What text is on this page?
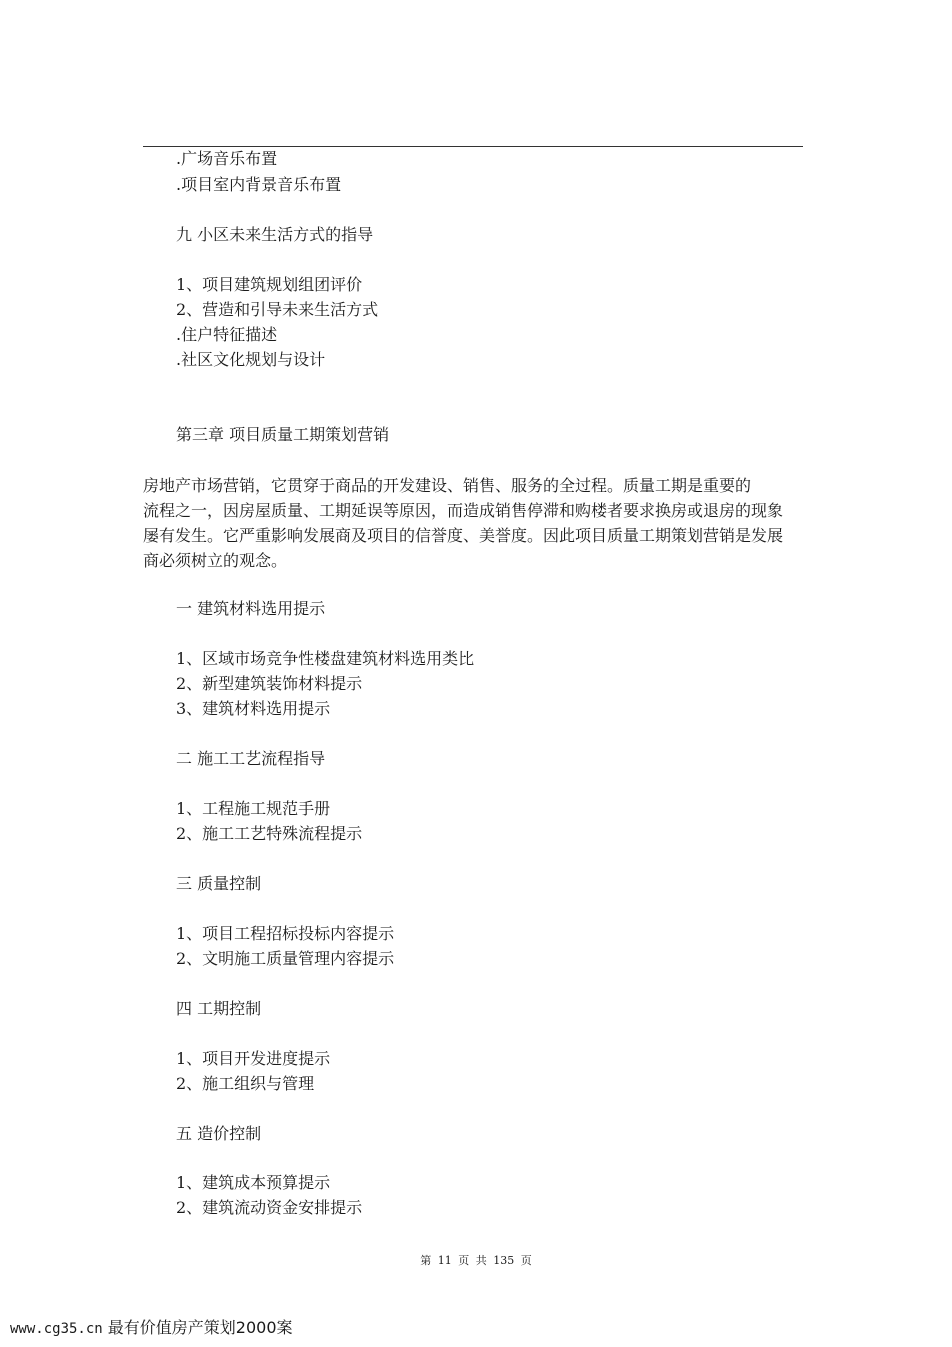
.广场音乐布置
.项目室内背景音乐布置
九 小区未来生活方式的指导
1、项目建筑规划组团评价
2、营造和引导未来生活方式
.住户特征描述
.社区文化规划与设计
第三章 项目质量工期策划营销

房地产市场营销，它贯穿于商品的开发建设、销售、服务的全过程。质量工期是重要的

流程之一，因房屋质量、工期延误等原因，而造成销售停滞和购楼者要求换房或退房的现象

屡有发生。它严重影响发展商及项目的信誉度、美誉度。因此项目质量工期策划营销是发展

商必须树立的观念。

一 建筑材料选用提示
1、区域市场竞争性楼盘建筑材料选用类比
2、新型建筑装饰材料提示
3、建筑材料选用提示
二 施工工艺流程指导
1、工程施工规范手册
2、施工工艺特殊流程提示
三 质量控制
1、项目工程招标投标内容提示
2、文明施工质量管理内容提示
四 工期控制
1、项目开发进度提示
2、施工组织与管理
五 造价控制
1、建筑成本预算提示
2、建筑流动资金安排提示
第 11 页 共 135 页
www.cg35.cn 最有价值房产策划2000案
